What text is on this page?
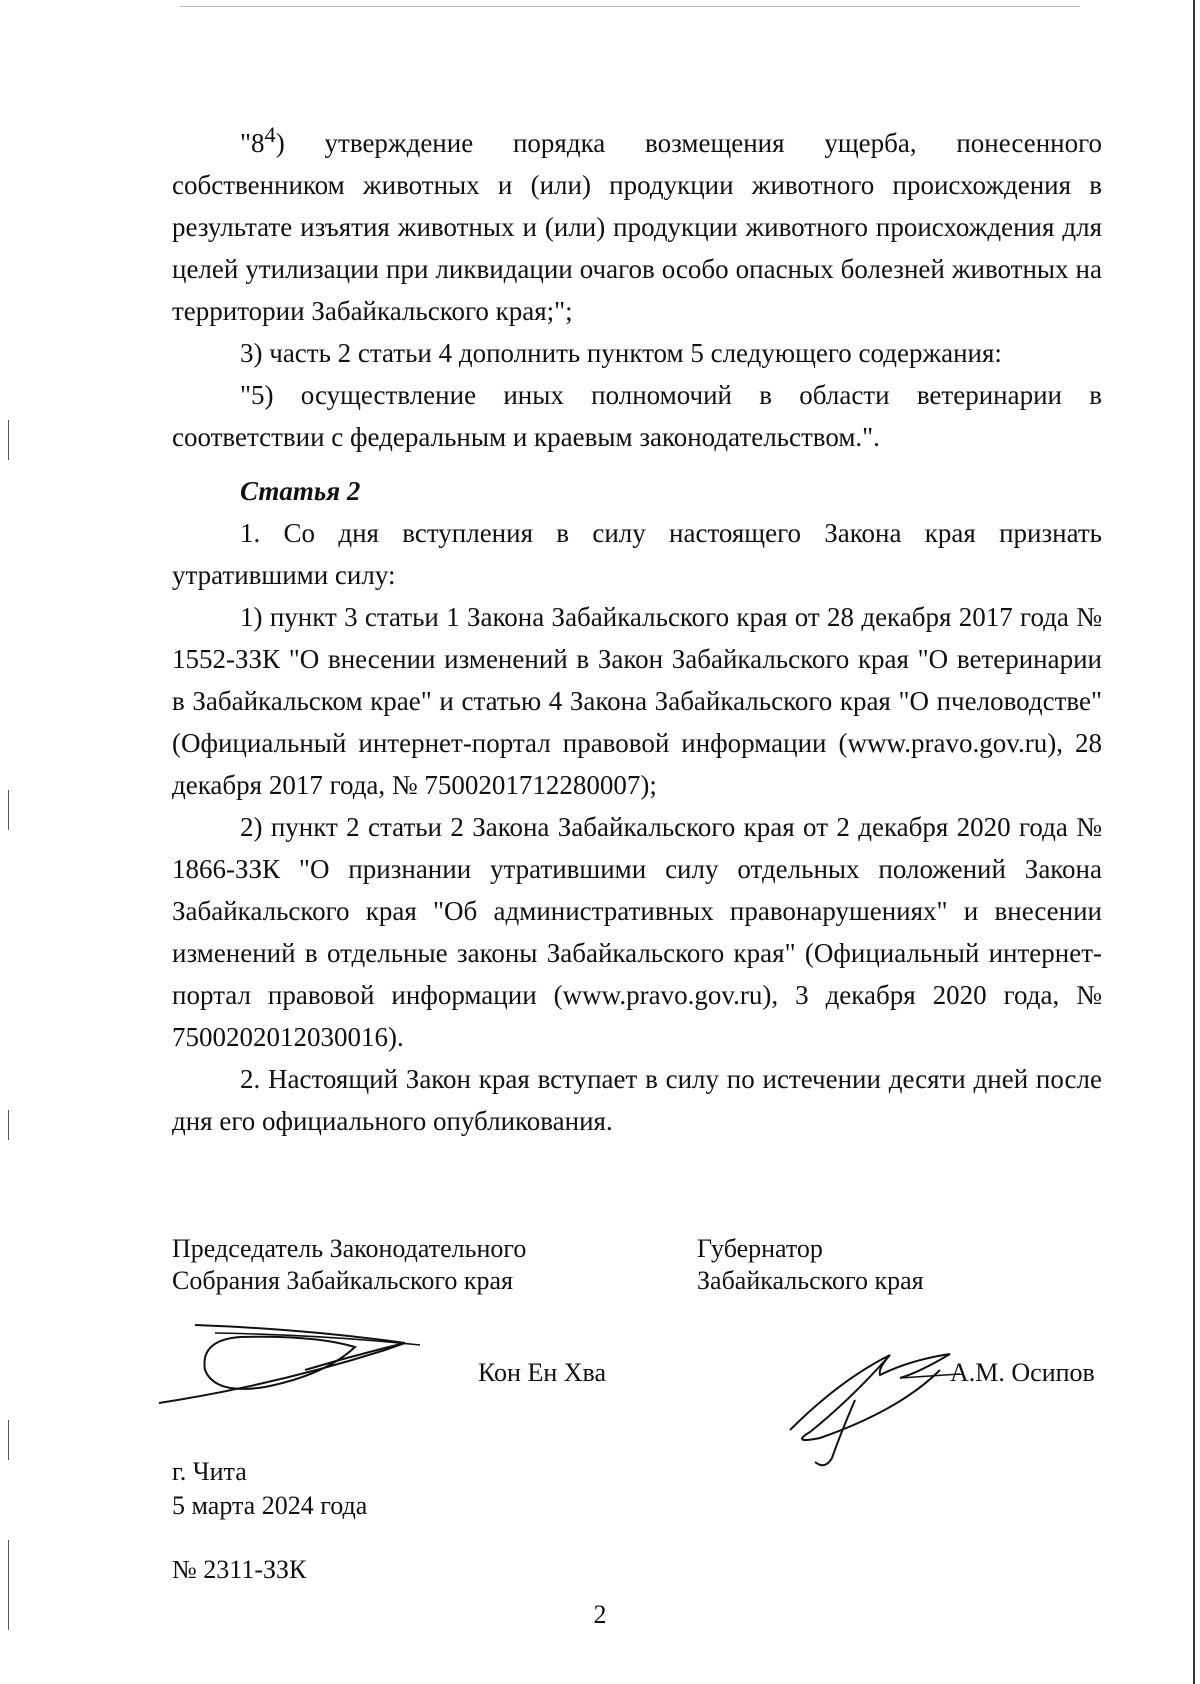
"$8^4$) утверждение порядка возмещения ущерба, понесенного собственником животных и (или) продукции животного происхождения в результате изъятия животных и (или) продукции животного происхождения для целей утилизации при ликвидации очагов особо опасных болезней животных на территории Забайкальского края;";

3) часть 2 статьи 4 дополнить пунктом 5 следующего содержания:

"5) осуществление иных полномочий в области ветеринарии в соответствии с федеральным и краевым законодательством.".

Статья 2

1. Со дня вступления в силу настоящего Закона края признать утратившими силу:

1) пункт 3 статьи 1 Закона Забайкальского края от 28 декабря 2017 года № 1552-ЗЗК "О внесении изменений в Закон Забайкальского края "О ветеринарии в Забайкальском крае" и статью 4 Закона Забайкальского края "О пчеловодстве" (Официальный интернет-портал правовой информации (www.pravo.gov.ru), 28 декабря 2017 года, № 7500201712280007);

2) пункт 2 статьи 2 Закона Забайкальского края от 2 декабря 2020 года № 1866-ЗЗК "О признании утратившими силу отдельных положений Закона Забайкальского края "Об административных правонарушениях" и внесении изменений в отдельные законы Забайкальского края" (Официальный интернет-портал правовой информации (www.pravo.gov.ru), 3 декабря 2020 года, № 7500202012030016).

2. Настоящий Закон края вступает в силу по истечении десяти дней после дня его официального опубликования.

Председатель Законодательного
Собрания Забайкальского края
Кон Ен Хва
Губернатор
Забайкальского края
А.М. Осипов
г. Чита
5 марта 2024 года
№ 2311-ЗЗК
2
